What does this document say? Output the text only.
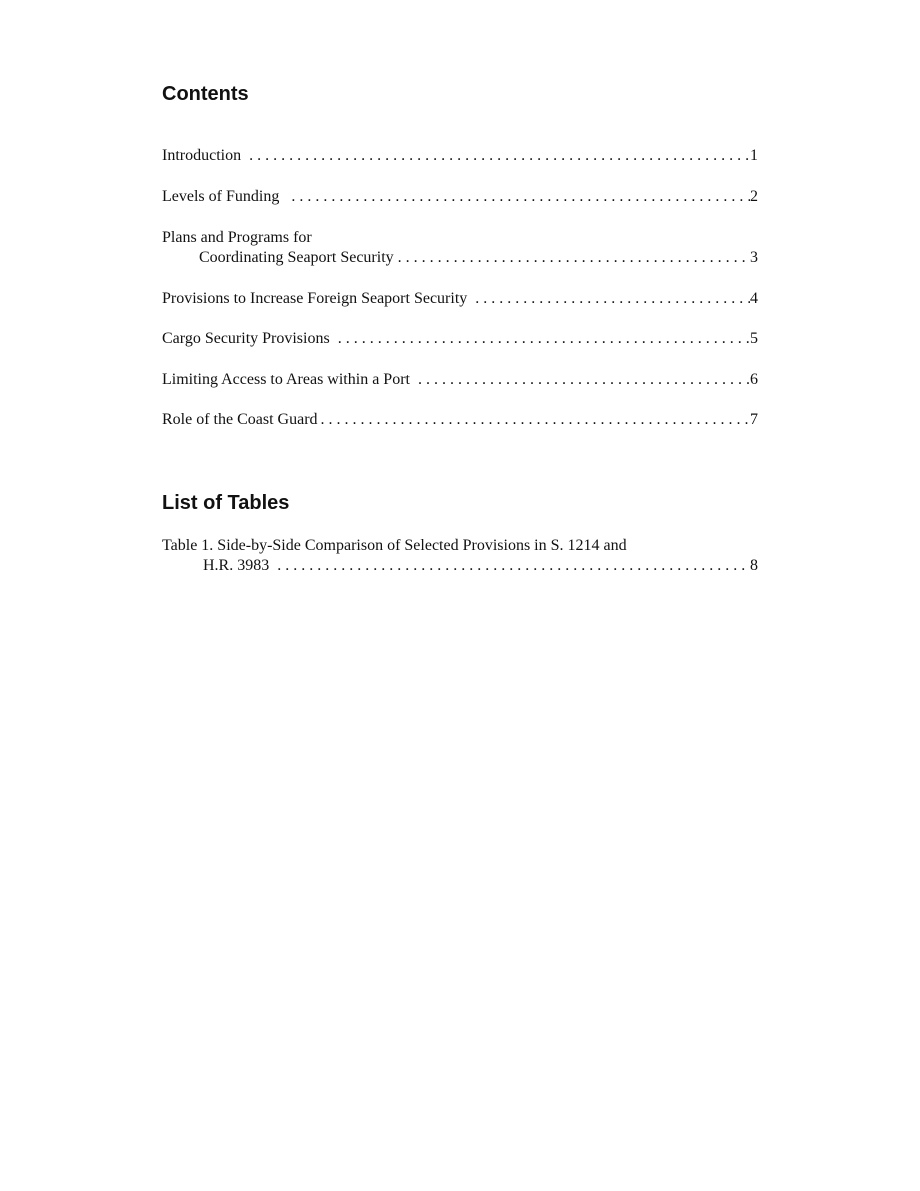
Contents
Introduction . . .	1
Levels of Funding . . .	2
Plans and Programs for
Coordinating Seaport Security . . .	3
Provisions to Increase Foreign Seaport Security . . .	4
Cargo Security Provisions . . .	5
Limiting Access to Areas within a Port . . .	6
Role of the Coast Guard . . .	7
List of Tables
Table 1. Side-by-Side Comparison of Selected Provisions in S. 1214 and
H.R. 3983 . . .	8
